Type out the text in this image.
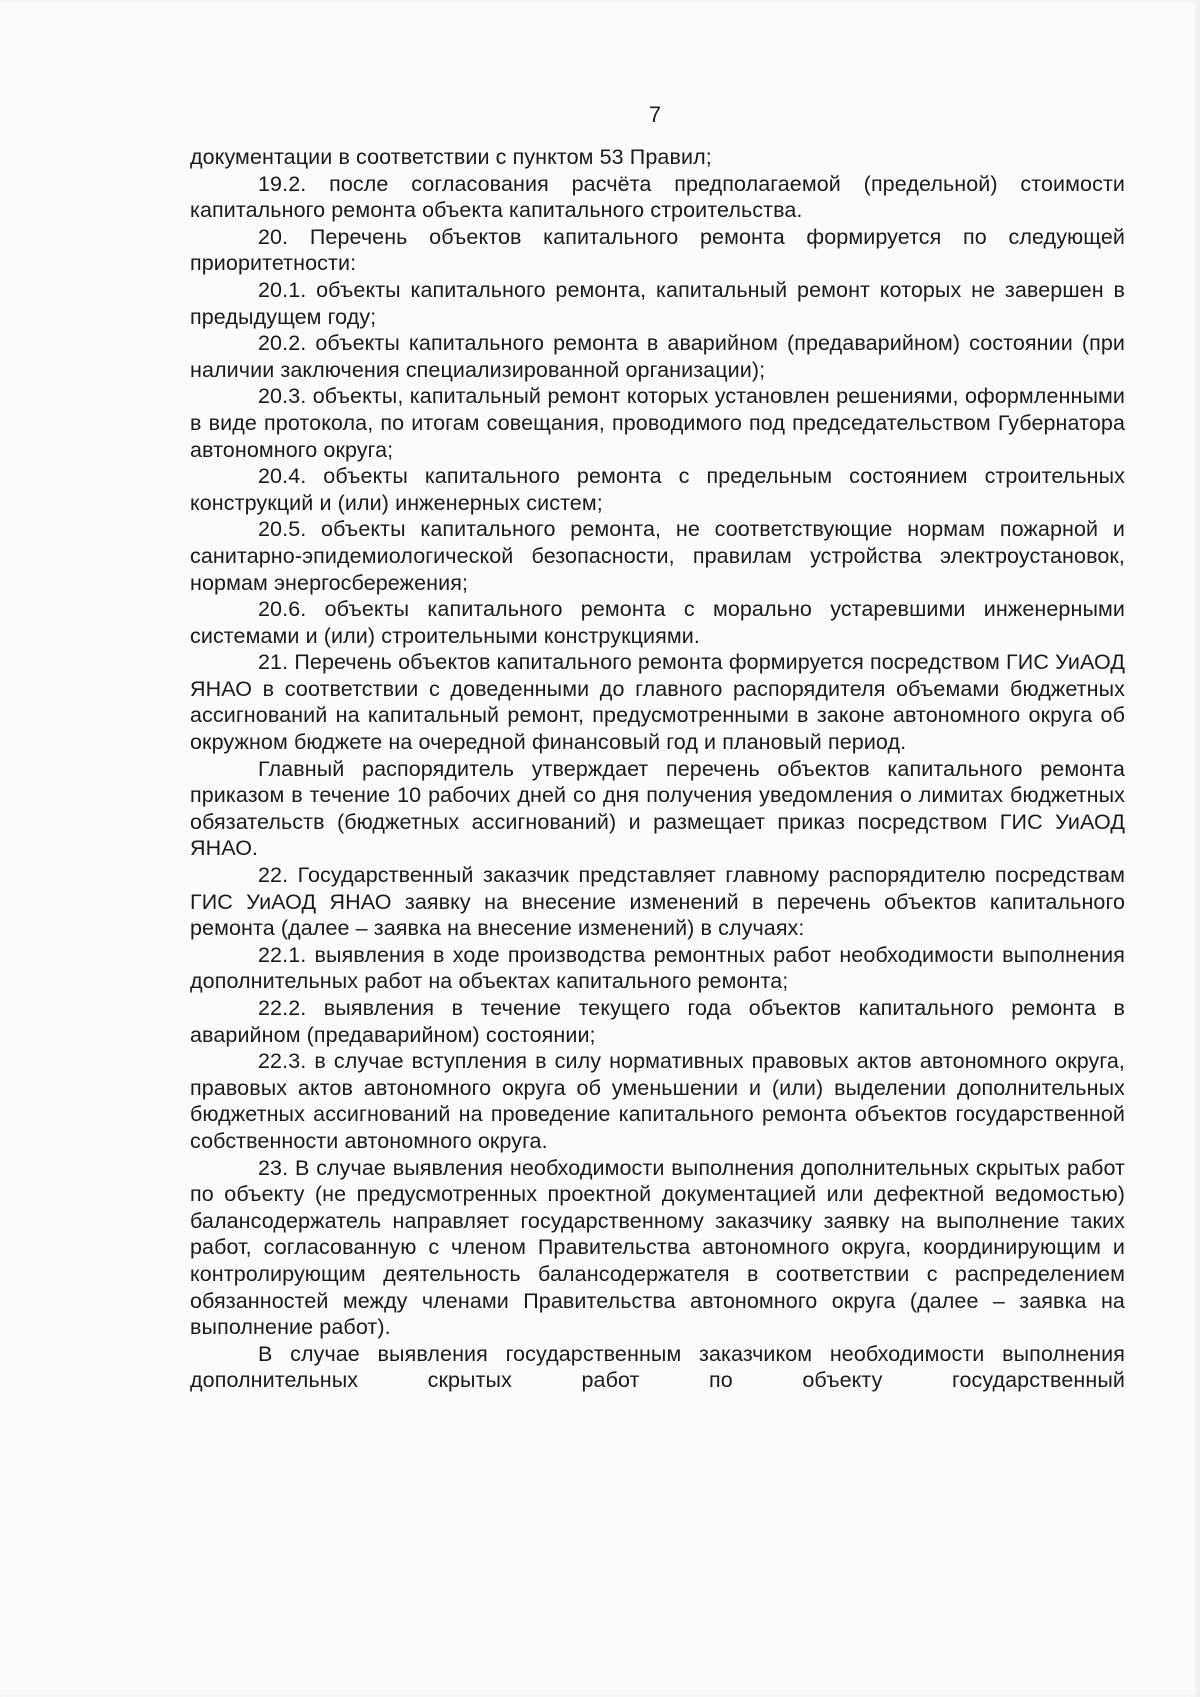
7

документации в соответствии с пунктом 53 Правил;

19.2. после согласования расчёта предполагаемой (предельной) стоимости капитального ремонта объекта капитального строительства.

20. Перечень объектов капитального ремонта формируется по следующей приоритетности:

20.1. объекты капитального ремонта, капитальный ремонт которых не завершен в предыдущем году;

20.2. объекты капитального ремонта в аварийном (предаварийном) состоянии (при наличии заключения специализированной организации);

20.3. объекты, капитальный ремонт которых установлен решениями, оформленными в виде протокола, по итогам совещания, проводимого под председательством Губернатора автономного округа;

20.4. объекты капитального ремонта с предельным состоянием строительных конструкций и (или) инженерных систем;

20.5. объекты капитального ремонта, не соответствующие нормам пожарной и санитарно-эпидемиологической безопасности, правилам устройства электроустановок, нормам энергосбережения;

20.6. объекты капитального ремонта с морально устаревшими инженерными системами и (или) строительными конструкциями.

21. Перечень объектов капитального ремонта формируется посредством ГИС УиАОД ЯНАО в соответствии с доведенными до главного распорядителя объемами бюджетных ассигнований на капитальный ремонт, предусмотренными в законе автономного округа об окружном бюджете на очередной финансовый год и плановый период.

Главный распорядитель утверждает перечень объектов капитального ремонта приказом в течение 10 рабочих дней со дня получения уведомления о лимитах бюджетных обязательств (бюджетных ассигнований) и размещает приказ посредством ГИС УиАОД ЯНАО.

22. Государственный заказчик представляет главному распорядителю посредствам ГИС УиАОД ЯНАО заявку на внесение изменений в перечень объектов капитального ремонта (далее – заявка на внесение изменений) в случаях:

22.1. выявления в ходе производства ремонтных работ необходимости выполнения дополнительных работ на объектах капитального ремонта;

22.2. выявления в течение текущего года объектов капитального ремонта в аварийном (предаварийном) состоянии;

22.3. в случае вступления в силу нормативных правовых актов автономного округа, правовых актов автономного округа об уменьшении и (или) выделении дополнительных бюджетных ассигнований на проведение капитального ремонта объектов государственной собственности автономного округа.

23. В случае выявления необходимости выполнения дополнительных скрытых работ по объекту (не предусмотренных проектной документацией или дефектной ведомостью) балансодержатель направляет государственному заказчику заявку на выполнение таких работ, согласованную с членом Правительства автономного округа, координирующим и контролирующим деятельность балансодержателя в соответствии с распределением обязанностей между членами Правительства автономного округа (далее – заявка на выполнение работ).

В случае выявления государственным заказчиком необходимости выполнения дополнительных скрытых работ по объекту государственный
